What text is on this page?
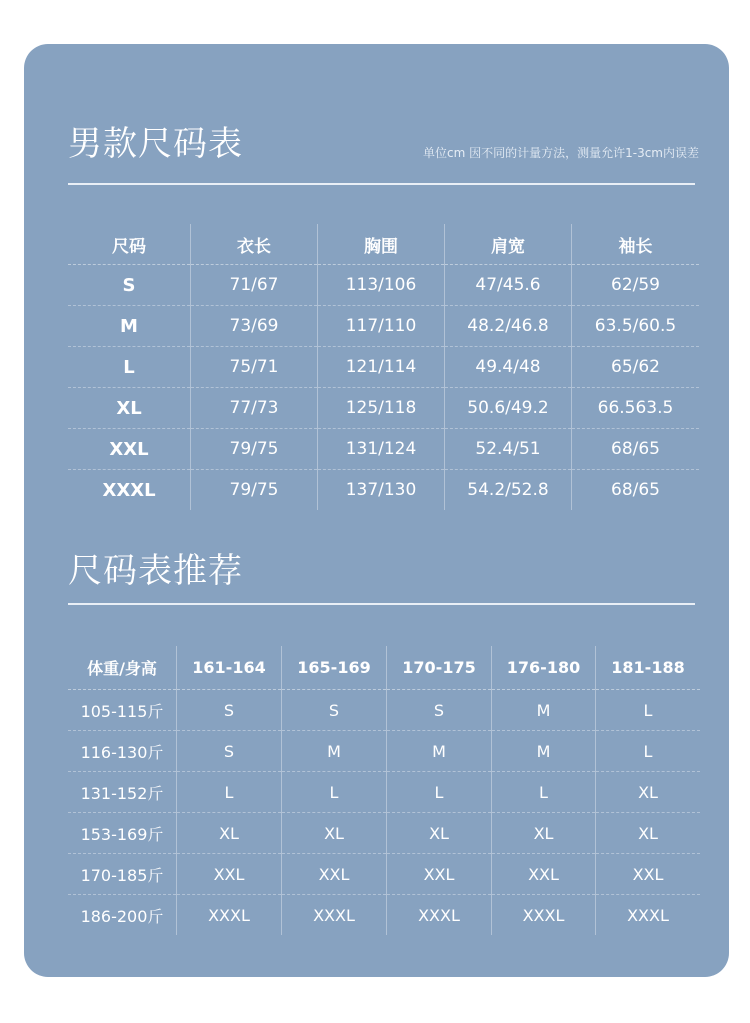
男款尺码表	单位cm 因不同的计量方法，测量允许1-3cm内误差
尺码	衣长	胸围	肩宽	袖长
S	71/67	113/106	47/45.6	62/59
M	73/69	117/110	48.2/46.8	63.5/60.5
L	75/71	121/114	49.4/48	65/62
XL	77/73	125/118	50.6/49.2	66.563.5
XXL	79/75	131/124	52.4/51	68/65
XXXL	79/75	137/130	54.2/52.8	68/65
尺码表推荐
体重/身高	161-164	165-169	170-175	176-180	181-188
105-115斤	S	S	S	M	L
116-130斤	S	M	M	M	L
131-152斤	L	L	L	L	XL
153-169斤	XL	XL	XL	XL	XL
170-185斤	XXL	XXL	XXL	XXL	XXL
186-200斤	XXXL	XXXL	XXXL	XXXL	XXXL
